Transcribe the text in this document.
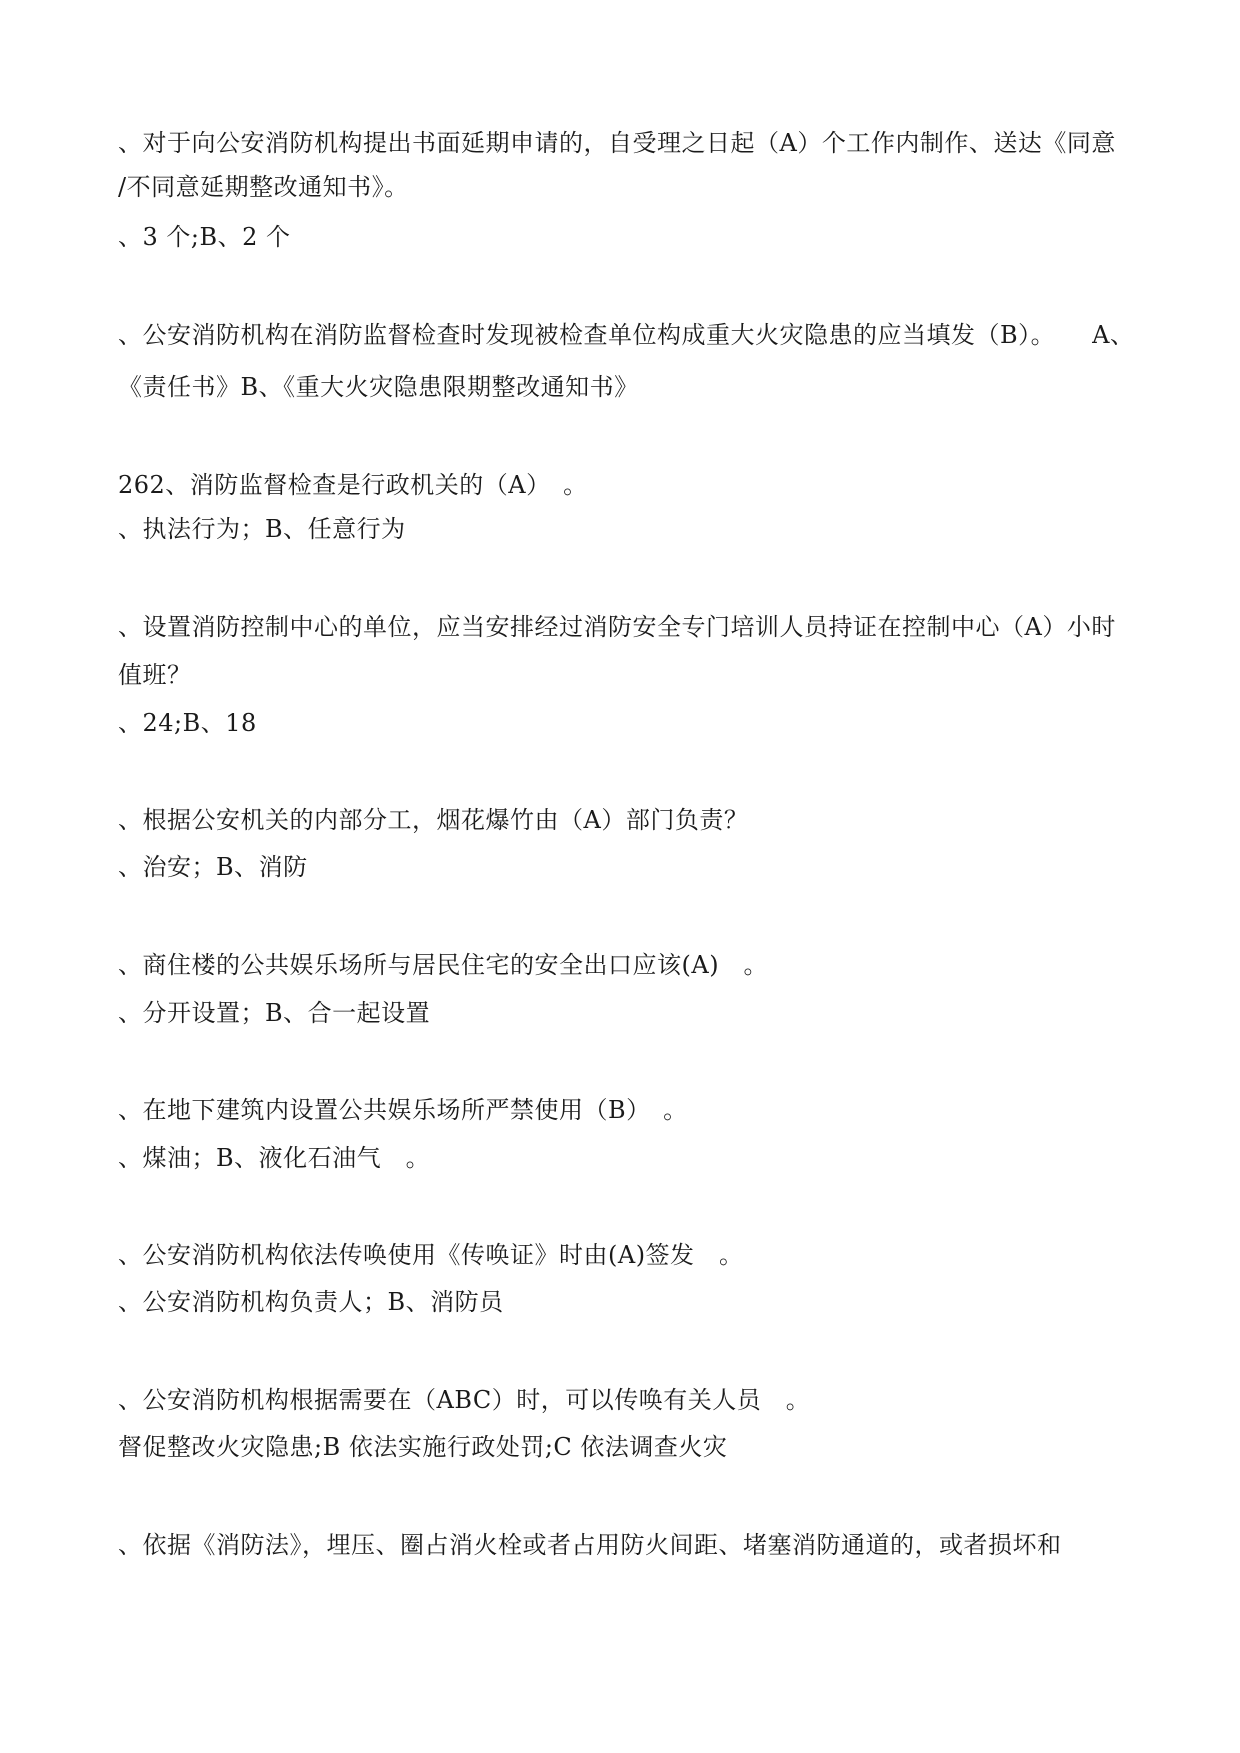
、对于向公安消防机构提出书面延期申请的，自受理之日起（A）个工作内制作、送达《同意
/不同意延期整改通知书》。
、3 个;B、2 个
、公安消防机构在消防监督检查时发现被检查单位构成重大火灾隐患的应当填发（B）。　　A、
《责任书》B、《重大火灾隐患限期整改通知书》
262、消防监督检查是行政机关的（A）　。
、执法行为；B、任意行为
、设置消防控制中心的单位，应当安排经过消防安全专门培训人员持证在控制中心（A）小时
值班？
、24;B、18
、根据公安机关的内部分工，烟花爆竹由（A）部门负责？
、治安；B、消防
、商住楼的公共娱乐场所与居民住宅的安全出口应该(A)　。
、分开设置；B、合一起设置
、在地下建筑内设置公共娱乐场所严禁使用（B）　。
、煤油；B、液化石油气　。
、公安消防机构依法传唤使用《传唤证》时由(A)签发　。
、公安消防机构负责人；B、消防员
、公安消防机构根据需要在（ABC）时，可以传唤有关人员　。
督促整改火灾隐患;B 依法实施行政处罚;C 依法调查火灾
、依据《消防法》，埋压、圈占消火栓或者占用防火间距、堵塞消防通道的，或者损坏和
